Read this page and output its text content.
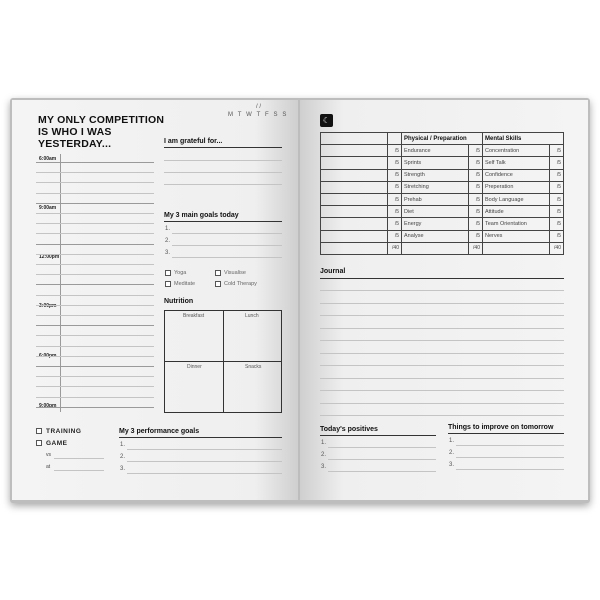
MY ONLY COMPETITION
IS WHO I WAS
YESTERDAY...
/ /
M T W T F S S
6:00am
9:00am
12:00pm
3:00pm
6:00pm
9:00pm
I am grateful for...
My 3 main goals today
1.
2.
3.
Yoga	Visualise
Meditate	Cold Therapy
Nutrition
Breakfast	Lunch
Dinner	Snacks
TRAINING
GAME
vs
at
My 3 performance goals
1.
2.
3.
☾
		Physical / Preparation		Mental Skills	
	/5	Endurance	/5	Concentration	/5
	/5	Sprints	/5	Self Talk	/5
	/5	Strength	/5	Confidence	/5
	/5	Stretching	/5	Preperation	/5
	/5	Prehab	/5	Body Language	/5
	/5	Diet	/5	Attitude	/5
	/5	Energy	/5	Team Orientation	/5
	/5	Analyse	/5	Nerves	/5
	/40		/40		/40
Journal
Today's positives
1.
2.
3.
Things to improve on tomorrow
1.
2.
3.
